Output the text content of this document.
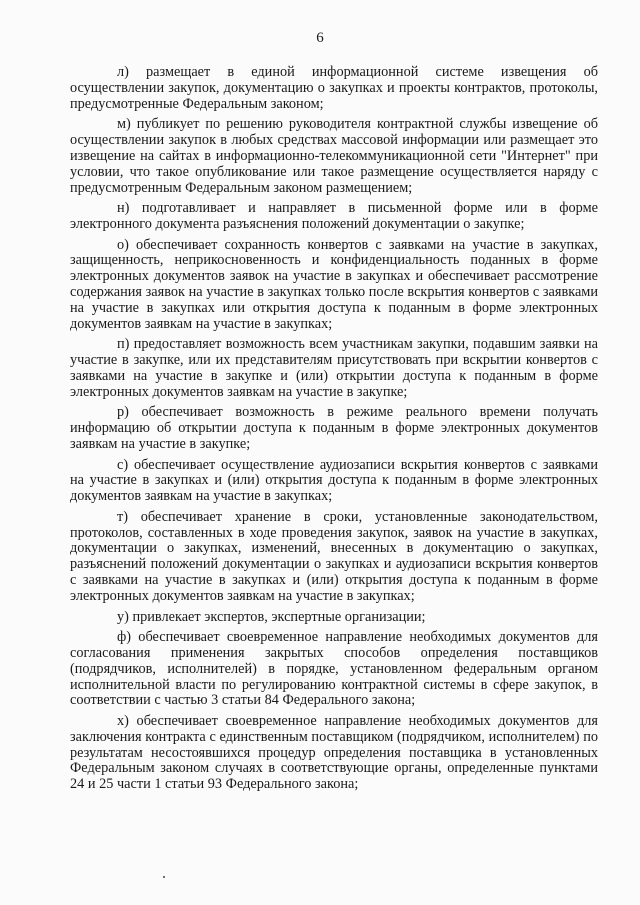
6

л) размещает в единой информационной системе извещения об осуществлении закупок, документацию о закупках и проекты контрактов, протоколы, предусмотренные Федеральным законом;

м) публикует по решению руководителя контрактной службы извещение об осуществлении закупок в любых средствах массовой информации или размещает это извещение на сайтах в информационно-телекоммуникационной сети "Интернет" при условии, что такое опубликование или такое размещение осуществляется наряду с предусмотренным Федеральным законом размещением;

н) подготавливает и направляет в письменной форме или в форме электронного документа разъяснения положений документации о закупке;

о) обеспечивает сохранность конвертов с заявками на участие в закупках, защищенность, неприкосновенность и конфиденциальность поданных в форме электронных документов заявок на участие в закупках и обеспечивает рассмотрение содержания заявок на участие в закупках только после вскрытия конвертов с заявками на участие в закупках или открытия доступа к поданным в форме электронных документов заявкам на участие в закупках;

п) предоставляет возможность всем участникам закупки, подавшим заявки на участие в закупке, или их представителям присутствовать при вскрытии конвертов с заявками на участие в закупке и (или) открытии доступа к поданным в форме электронных документов заявкам на участие в закупке;

р) обеспечивает возможность в режиме реального времени получать информацию об открытии доступа к поданным в форме электронных документов заявкам на участие в закупке;

с) обеспечивает осуществление аудиозаписи вскрытия конвертов с заявками на участие в закупках и (или) открытия доступа к поданным в форме электронных документов заявкам на участие в закупках;

т) обеспечивает хранение в сроки, установленные законодательством, протоколов, составленных в ходе проведения закупок, заявок на участие в закупках, документации о закупках, изменений, внесенных в документацию о закупках, разъяснений положений документации о закупках и аудиозаписи вскрытия конвертов с заявками на участие в закупках и (или) открытия доступа к поданным в форме электронных документов заявкам на участие в закупках;

у) привлекает экспертов, экспертные организации;

ф) обеспечивает своевременное направление необходимых документов для согласования применения закрытых способов определения поставщиков (подрядчиков, исполнителей) в порядке, установленном федеральным органом исполнительной власти по регулированию контрактной системы в сфере закупок, в соответствии с частью 3 статьи 84 Федерального закона;

х) обеспечивает своевременное направление необходимых документов для заключения контракта с единственным поставщиком (подрядчиком, исполнителем) по результатам несостоявшихся процедур определения поставщика в установленных Федеральным законом случаях в соответствующие органы, определенные пунктами 24 и 25 части 1 статьи 93 Федерального закона;
